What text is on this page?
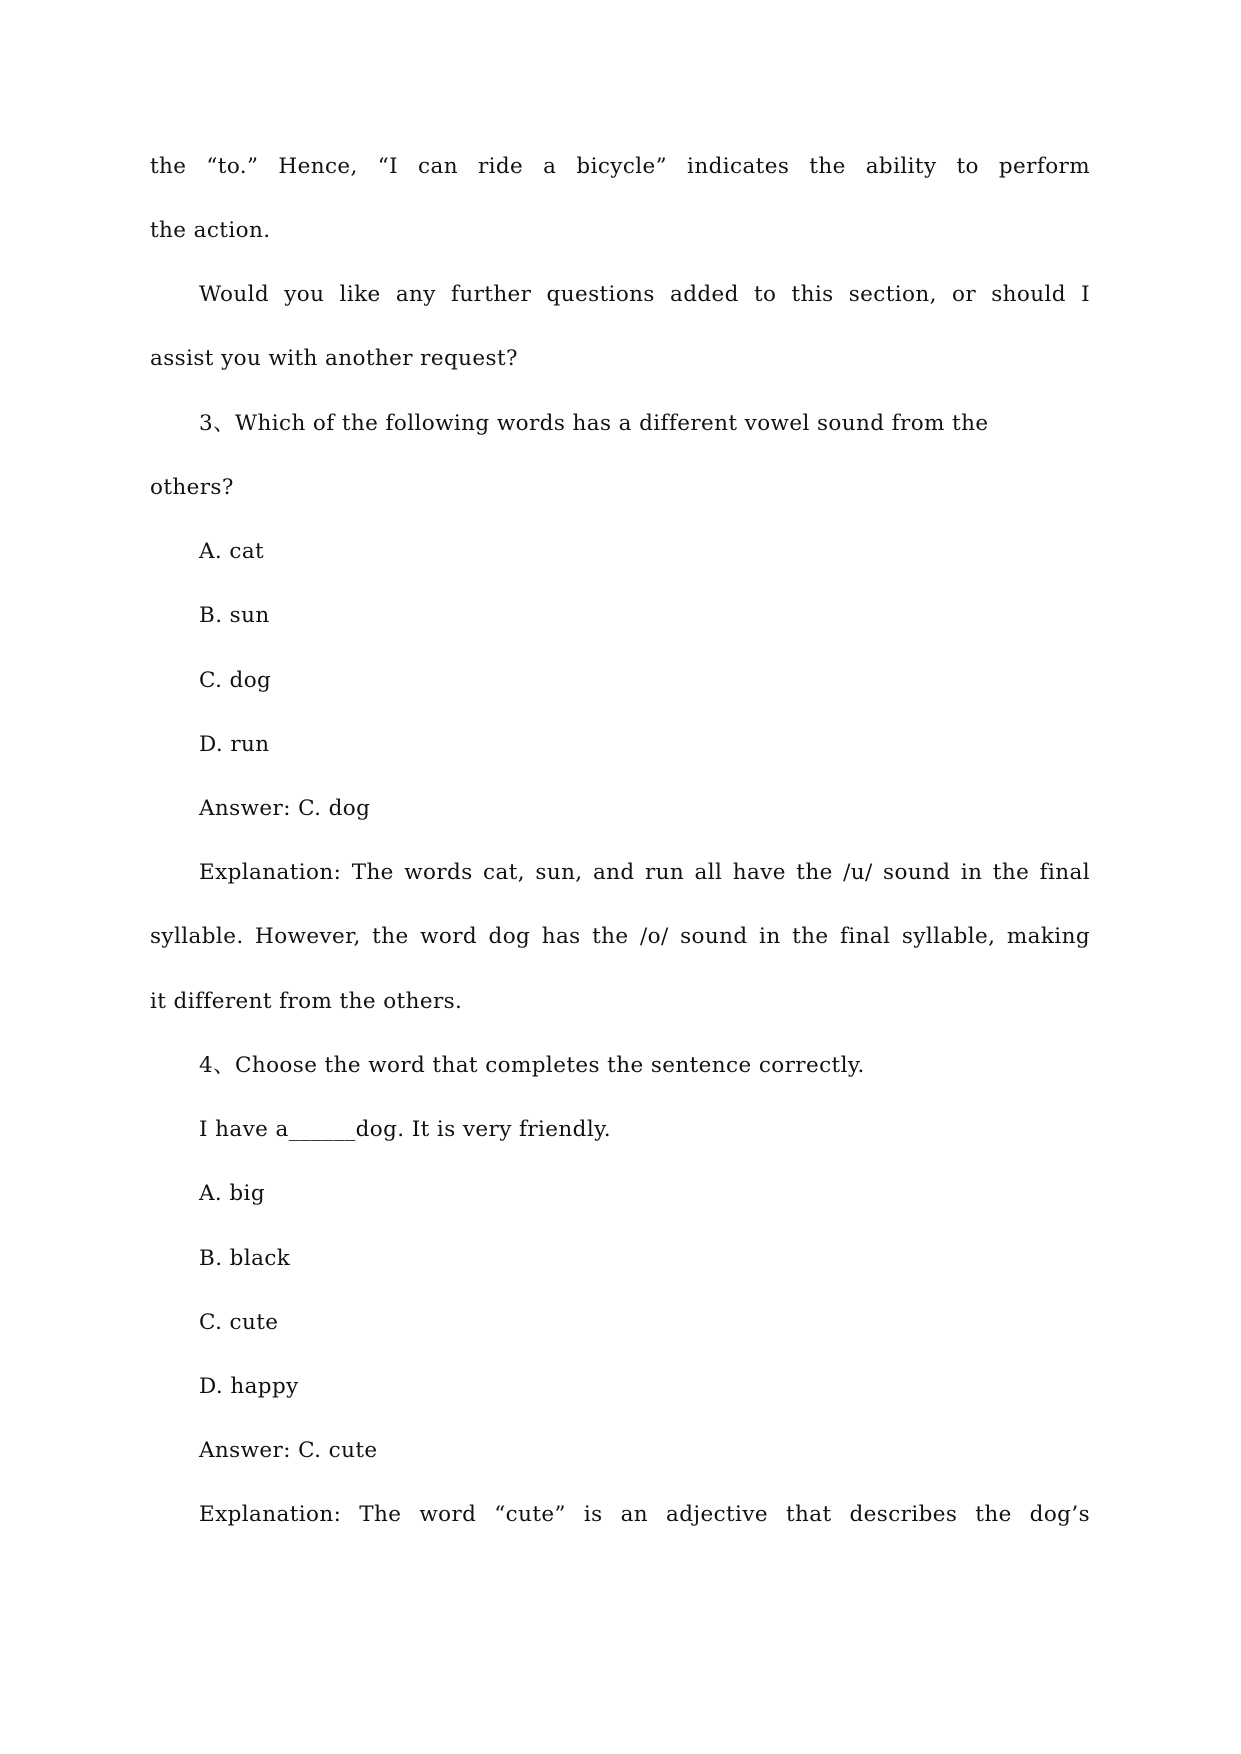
the “to.” Hence, “I can ride a bicycle” indicates the ability to perform
the action.
Would you like any further questions added to this section, or should I
assist you with another request?
3、Which of the following words has a different vowel sound from the
others?
A. cat
B. sun
C. dog
D. run
Answer: C. dog
Explanation: The words cat, sun, and run all have the /u/ sound in the final
syllable. However, the word dog has the /o/ sound in the final syllable, making
it different from the others.
4、Choose the word that completes the sentence correctly.
I have a______dog. It is very friendly.
A. big
B. black
C. cute
D. happy
Answer: C. cute
Explanation: The word “cute” is an adjective that describes the dog’s
